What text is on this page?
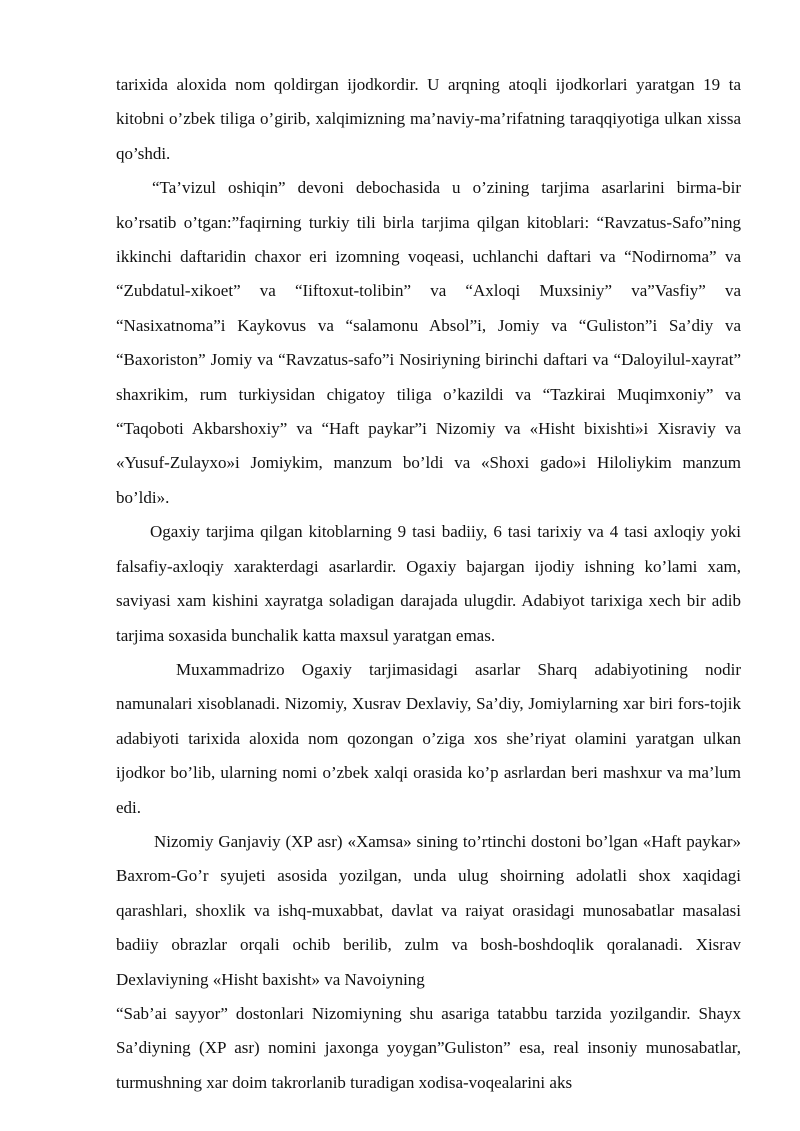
tarixida aloxida nom qoldirgan ijodkordir. U arqning atoqli ijodkorlari yaratgan 19 ta kitobni o’zbek tiliga o’girib, xalqimizning ma’naviy-ma’rifatning taraqqiyotiga ulkan xissa qo’shdi.

“Ta’vizul oshiqin” devoni debochasida u o’zining tarjima asarlarini birma-bir ko’rsatib o’tgan:”faqirning turkiy tili birla tarjima qilgan kitoblari: “Ravzatus-Safo”ning ikkinchi daftaridin chaxor eri izomning voqeasi, uchlanchi daftari va “Nodirnoma” va “Zubdatul-xikoet” va “Iiftoxut-tolibin” va “Axloqi Muxsiniy” va”Vasfiy” va “Nasixatnoma”i Kaykovus va “salamonu Absol”i, Jomiy va “Guliston”i Sa’diy va “Baxoriston” Jomiy va “Ravzatus-safo”i Nosiriyning birinchi daftari va “Daloyilul-xayrat” shaxrikim, rum turkiysidan chigatoy tiliga o’kazildi va “Tazkirai Muqimxoniy” va “Taqoboti Akbarshoxiy” va “Haft paykar”i Nizomiy va «Hisht bixishti»i Xisraviy va «Yusuf-Zulayxo»i Jomiykim, manzum bo’ldi va «Shoxi gado»i Hiloliykim manzum bo’ldi».

Ogaxiy tarjima qilgan kitoblarning 9 tasi badiiy, 6 tasi tarixiy va 4 tasi axloqiy yoki falsafiy-axloqiy xarakterdagi asarlardir. Ogaxiy bajargan ijodiy ishning ko’lami xam, saviyasi xam kishini xayratga soladigan darajada ulugdir. Adabiyot tarixiga xech bir adib tarjima soxasida bunchalik katta maxsul yaratgan emas.

Muxammadrizo Ogaxiy tarjimasidagi asarlar Sharq adabiyotining nodir namunalari xisoblanadi. Nizomiy, Xusrav Dexlaviy, Sa’diy, Jomiylarning xar biri fors-tojik adabiyoti tarixida aloxida nom qozongan o’ziga xos she’riyat olamini yaratgan ulkan ijodkor bo’lib, ularning nomi o’zbek xalqi orasida ko’p asrlardan beri mashxur va ma’lum edi.

Nizomiy Ganjaviy (XP asr) «Xamsa» sining to’rtinchi dostoni bo’lgan «Haft paykar» Baxrom-Go’r syujeti asosida yozilgan, unda ulug shoirning adolatli shox xaqidagi qarashlari, shoxlik va ishq-muxabbat, davlat va raiyat orasidagi munosabatlar masalasi badiiy obrazlar orqali ochib berilib, zulm va bosh-boshdoqlik qoralanadi. Xisrav Dexlaviyning «Hisht baxisht» va Navoiyning

“Sab’ai sayyor” dostonlari Nizomiyning shu asariga tatabbu tarzida yozilgandir. Shayx Sa’diyning (XP asr) nomini jaxonga yoygan”Guliston” esa, real insoniy munosabatlar, turmushning xar doim takrorlanib turadigan xodisa-voqealarini aks
